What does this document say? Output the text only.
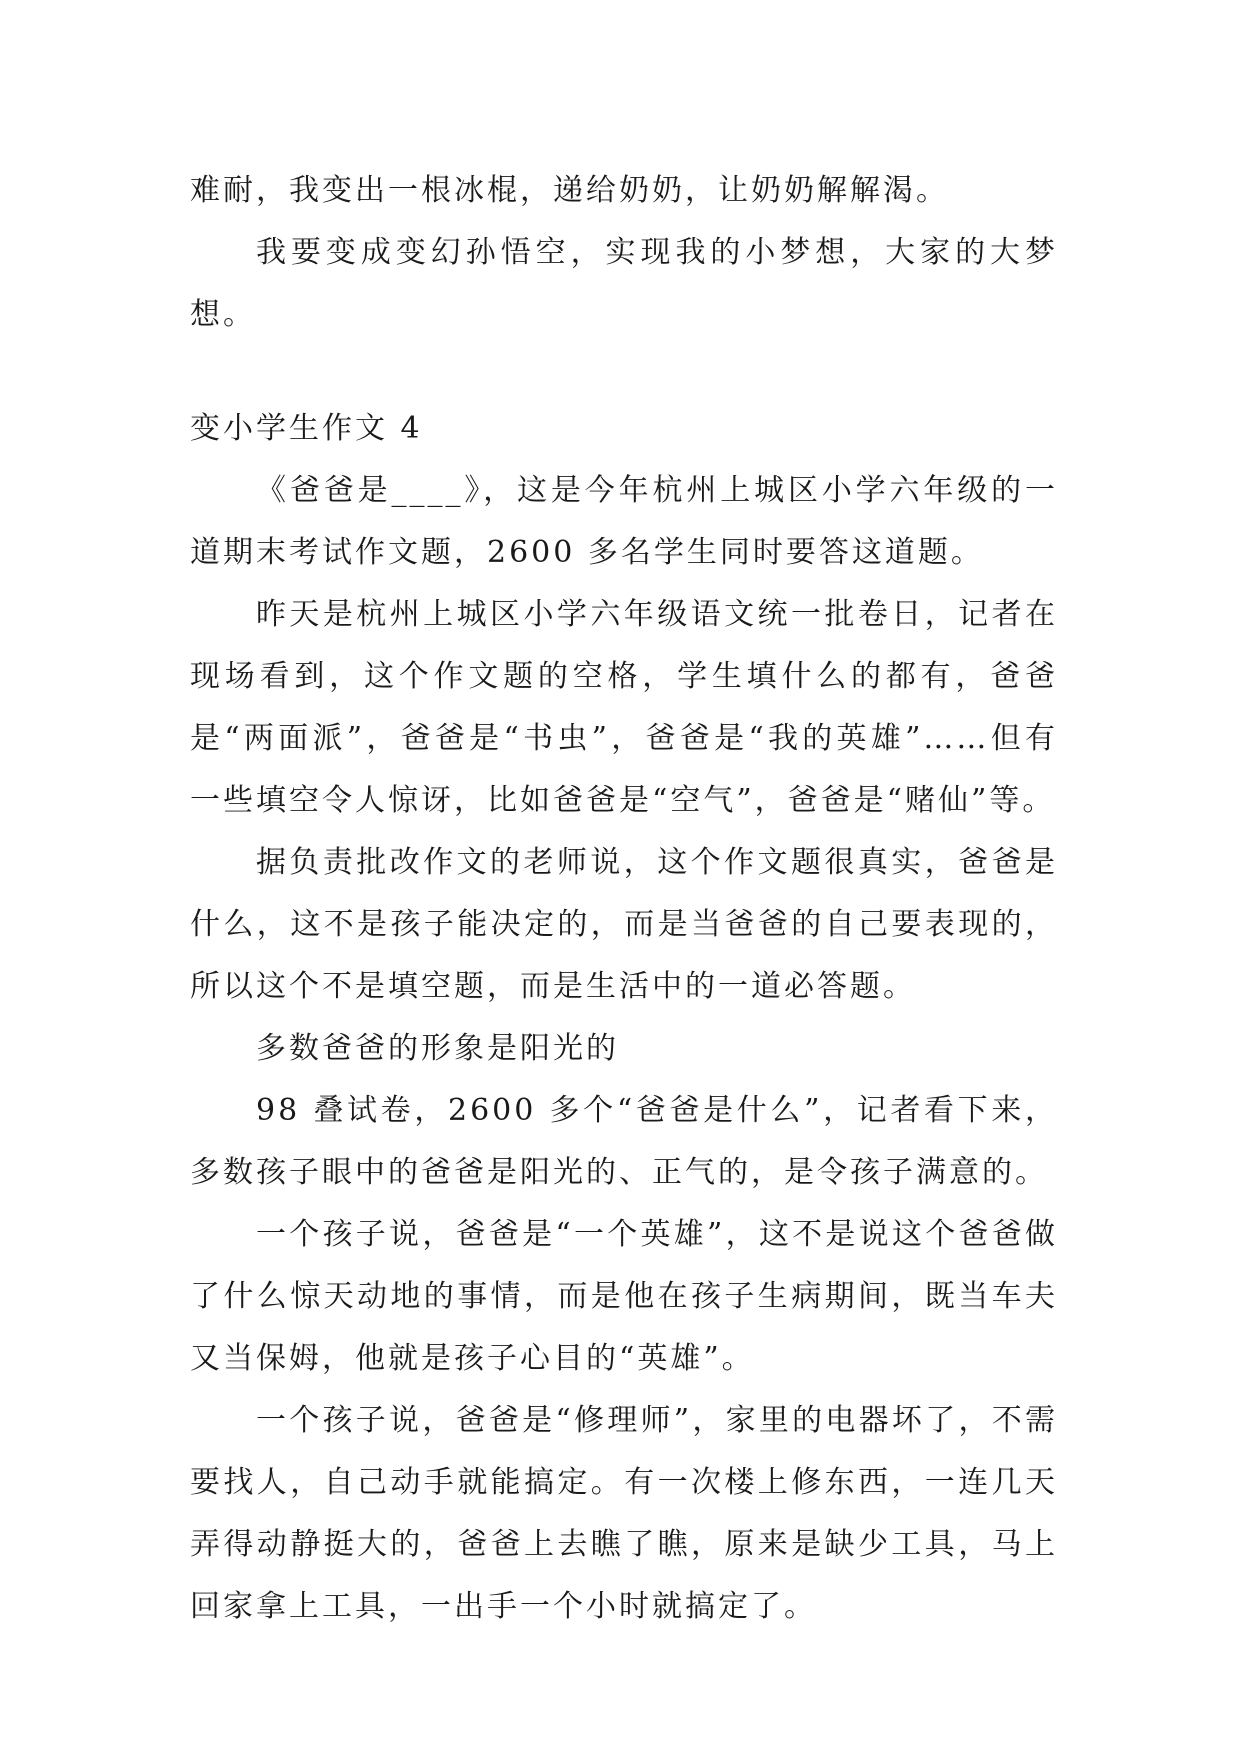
难耐，我变出一根冰棍，递给奶奶，让奶奶解解渴。

我要变成变幻孙悟空，实现我的小梦想，大家的大梦想。

变小学生作文 4

《爸爸是____》，这是今年杭州上城区小学六年级的一道期末考试作文题，2600 多名学生同时要答这道题。

昨天是杭州上城区小学六年级语文统一批卷日，记者在现场看到，这个作文题的空格，学生填什么的都有，爸爸是“两面派”，爸爸是“书虫”，爸爸是“我的英雄”……但有一些填空令人惊讶，比如爸爸是“空气”，爸爸是“赌仙”等。

据负责批改作文的老师说，这个作文题很真实，爸爸是什么，这不是孩子能决定的，而是当爸爸的自己要表现的，所以这个不是填空题，而是生活中的一道必答题。

多数爸爸的形象是阳光的

98 叠试卷，2600 多个“爸爸是什么”，记者看下来，多数孩子眼中的爸爸是阳光的、正气的，是令孩子满意的。

一个孩子说，爸爸是“一个英雄”，这不是说这个爸爸做了什么惊天动地的事情，而是他在孩子生病期间，既当车夫又当保姆，他就是孩子心目的“英雄”。

一个孩子说，爸爸是“修理师”，家里的电器坏了，不需要找人，自己动手就能搞定。有一次楼上修东西，一连几天弄得动静挺大的，爸爸上去瞧了瞧，原来是缺少工具，马上回家拿上工具，一出手一个小时就搞定了。
